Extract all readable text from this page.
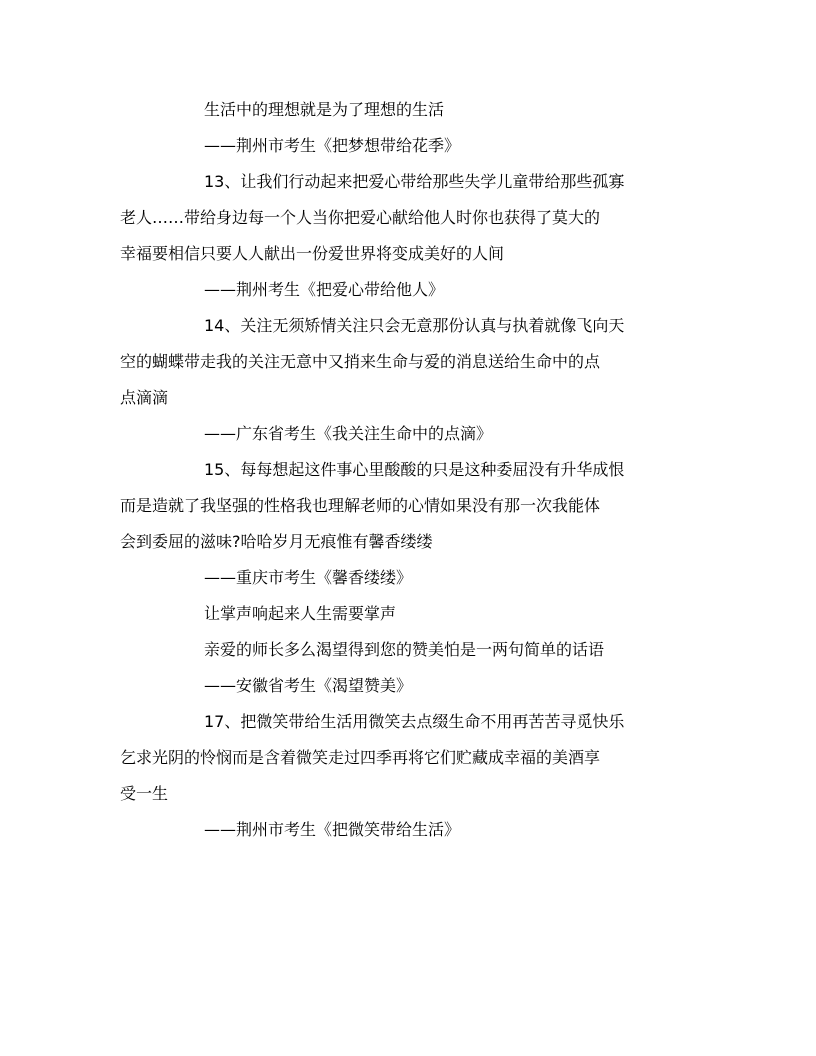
生活中的理想就是为了理想的生活
——荆州市考生《把梦想带给花季》
13、让我们行动起来把爱心带给那些失学儿童带给那些孤寡
老人……带给身边每一个人当你把爱心献给他人时你也获得了莫大的
幸福要相信只要人人献出一份爱世界将变成美好的人间
——荆州考生《把爱心带给他人》
14、关注无须矫情关注只会无意那份认真与执着就像飞向天
空的蝴蝶带走我的关注无意中又捎来生命与爱的消息送给生命中的点
点滴滴
——广东省考生《我关注生命中的点滴》
15、每每想起这件事心里酸酸的只是这种委屈没有升华成恨
而是造就了我坚强的性格我也理解老师的心情如果没有那一次我能体
会到委屈的滋味?哈哈岁月无痕惟有馨香缕缕
——重庆市考生《馨香缕缕》
让掌声响起来人生需要掌声
亲爱的师长多么渴望得到您的赞美怕是一两句简单的话语
——安徽省考生《渴望赞美》
17、把微笑带给生活用微笑去点缀生命不用再苦苦寻觅快乐
乞求光阴的怜悯而是含着微笑走过四季再将它们贮藏成幸福的美酒享
受一生
——荆州市考生《把微笑带给生活》
